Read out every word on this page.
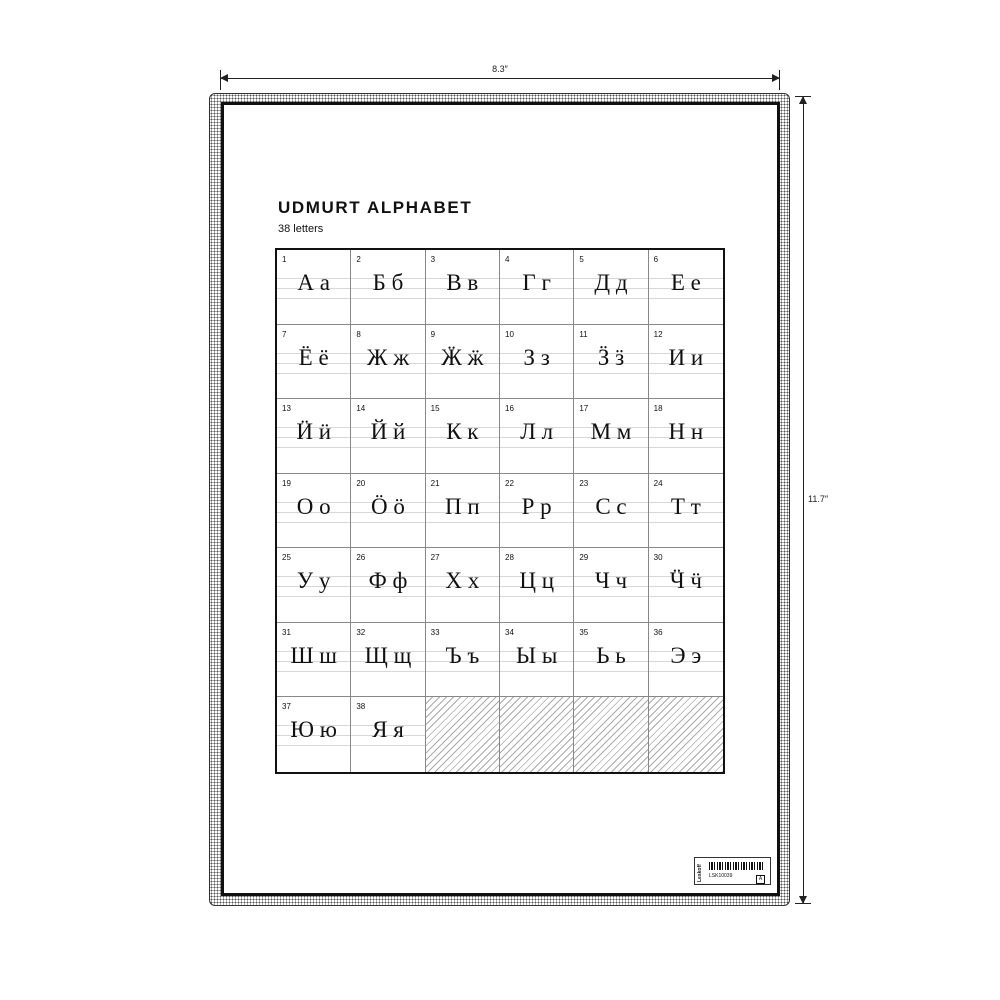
8.3″
11.7″
UDMURT ALPHABET
38 letters
1
А а
2
Б б
3
В в
4
Г г
5
Д д
6
Е е
7
Ё ё
8
Ж ж
9
Ӝ ӝ
10
З з
11
Ӟ ӟ
12
И и
13
Ӥ ӥ
14
Й й
15
К к
16
Л л
17
М м
18
Н н
19
О о
20
Ӧ ӧ
21
П п
22
Р р
23
С с
24
Т т
25
У у
26
Ф ф
27
Х х
28
Ц ц
29
Ч ч
30
Ӵ ӵ
31
Ш ш
32
Щ щ
33
Ъ ъ
34
Ы ы
35
Ь ь
36
Э э
37
Ю ю
38
Я я
Leskoff	LSK10039	A
